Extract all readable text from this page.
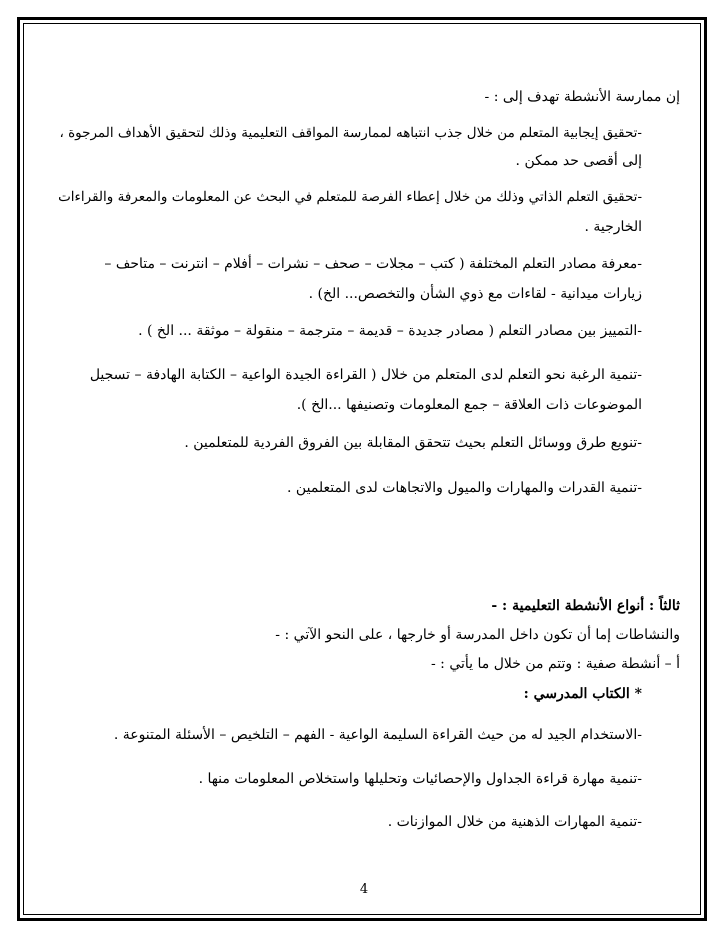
إن ممارسة الأنشطة تهدف إلى : -
-تحقيق إيجابية المتعلم من خلال جذب انتباهه لممارسة المواقف التعليمية وذلك لتحقيق الأهداف المرجوة ،
إلى أقصى حد ممكن .
-تحقيق التعلم الذاتي وذلك من خلال إعطاء الفرصة للمتعلم في البحث عن المعلومات والمعرفة والقراءات
الخارجية .
-معرفة مصادر التعلم المختلفة ( كتب – مجلات – صحف – نشرات – أفلام – انترنت – متاحف –
زيارات ميدانية - لقاءات مع ذوي الشأن والتخصص... الخ) .
-التمييز بين مصادر التعلم ( مصادر جديدة – قديمة – مترجمة – منقولة – موثقة ... الخ ) .
-تنمية الرغبة نحو التعلم لدى المتعلم من خلال ( القراءة الجيدة الواعية – الكتابة الهادفة – تسجيل
الموضوعات ذات العلاقة – جمع المعلومات وتصنيفها ...الخ ).
-تنويع طرق ووسائل التعلم بحيث تتحقق المقابلة بين الفروق الفردية للمتعلمين .
-تنمية القدرات والمهارات والميول والاتجاهات لدى المتعلمين .
ثالثاً : أنواع الأنشطة التعليمية : -
والنشاطات إما أن تكون داخل المدرسة أو خارجها ، على النحو الآتي : -
أ – أنشطة صفية : وتتم من خلال ما يأتي : -
* الكتاب المدرسي :
-الاستخدام الجيد له من حيث القراءة السليمة الواعية - الفهم – التلخيص – الأسئلة المتنوعة .
-تنمية مهارة قراءة الجداول والإحصائيات وتحليلها واستخلاص المعلومات منها .
-تنمية المهارات الذهنية من خلال الموازنات .
4
